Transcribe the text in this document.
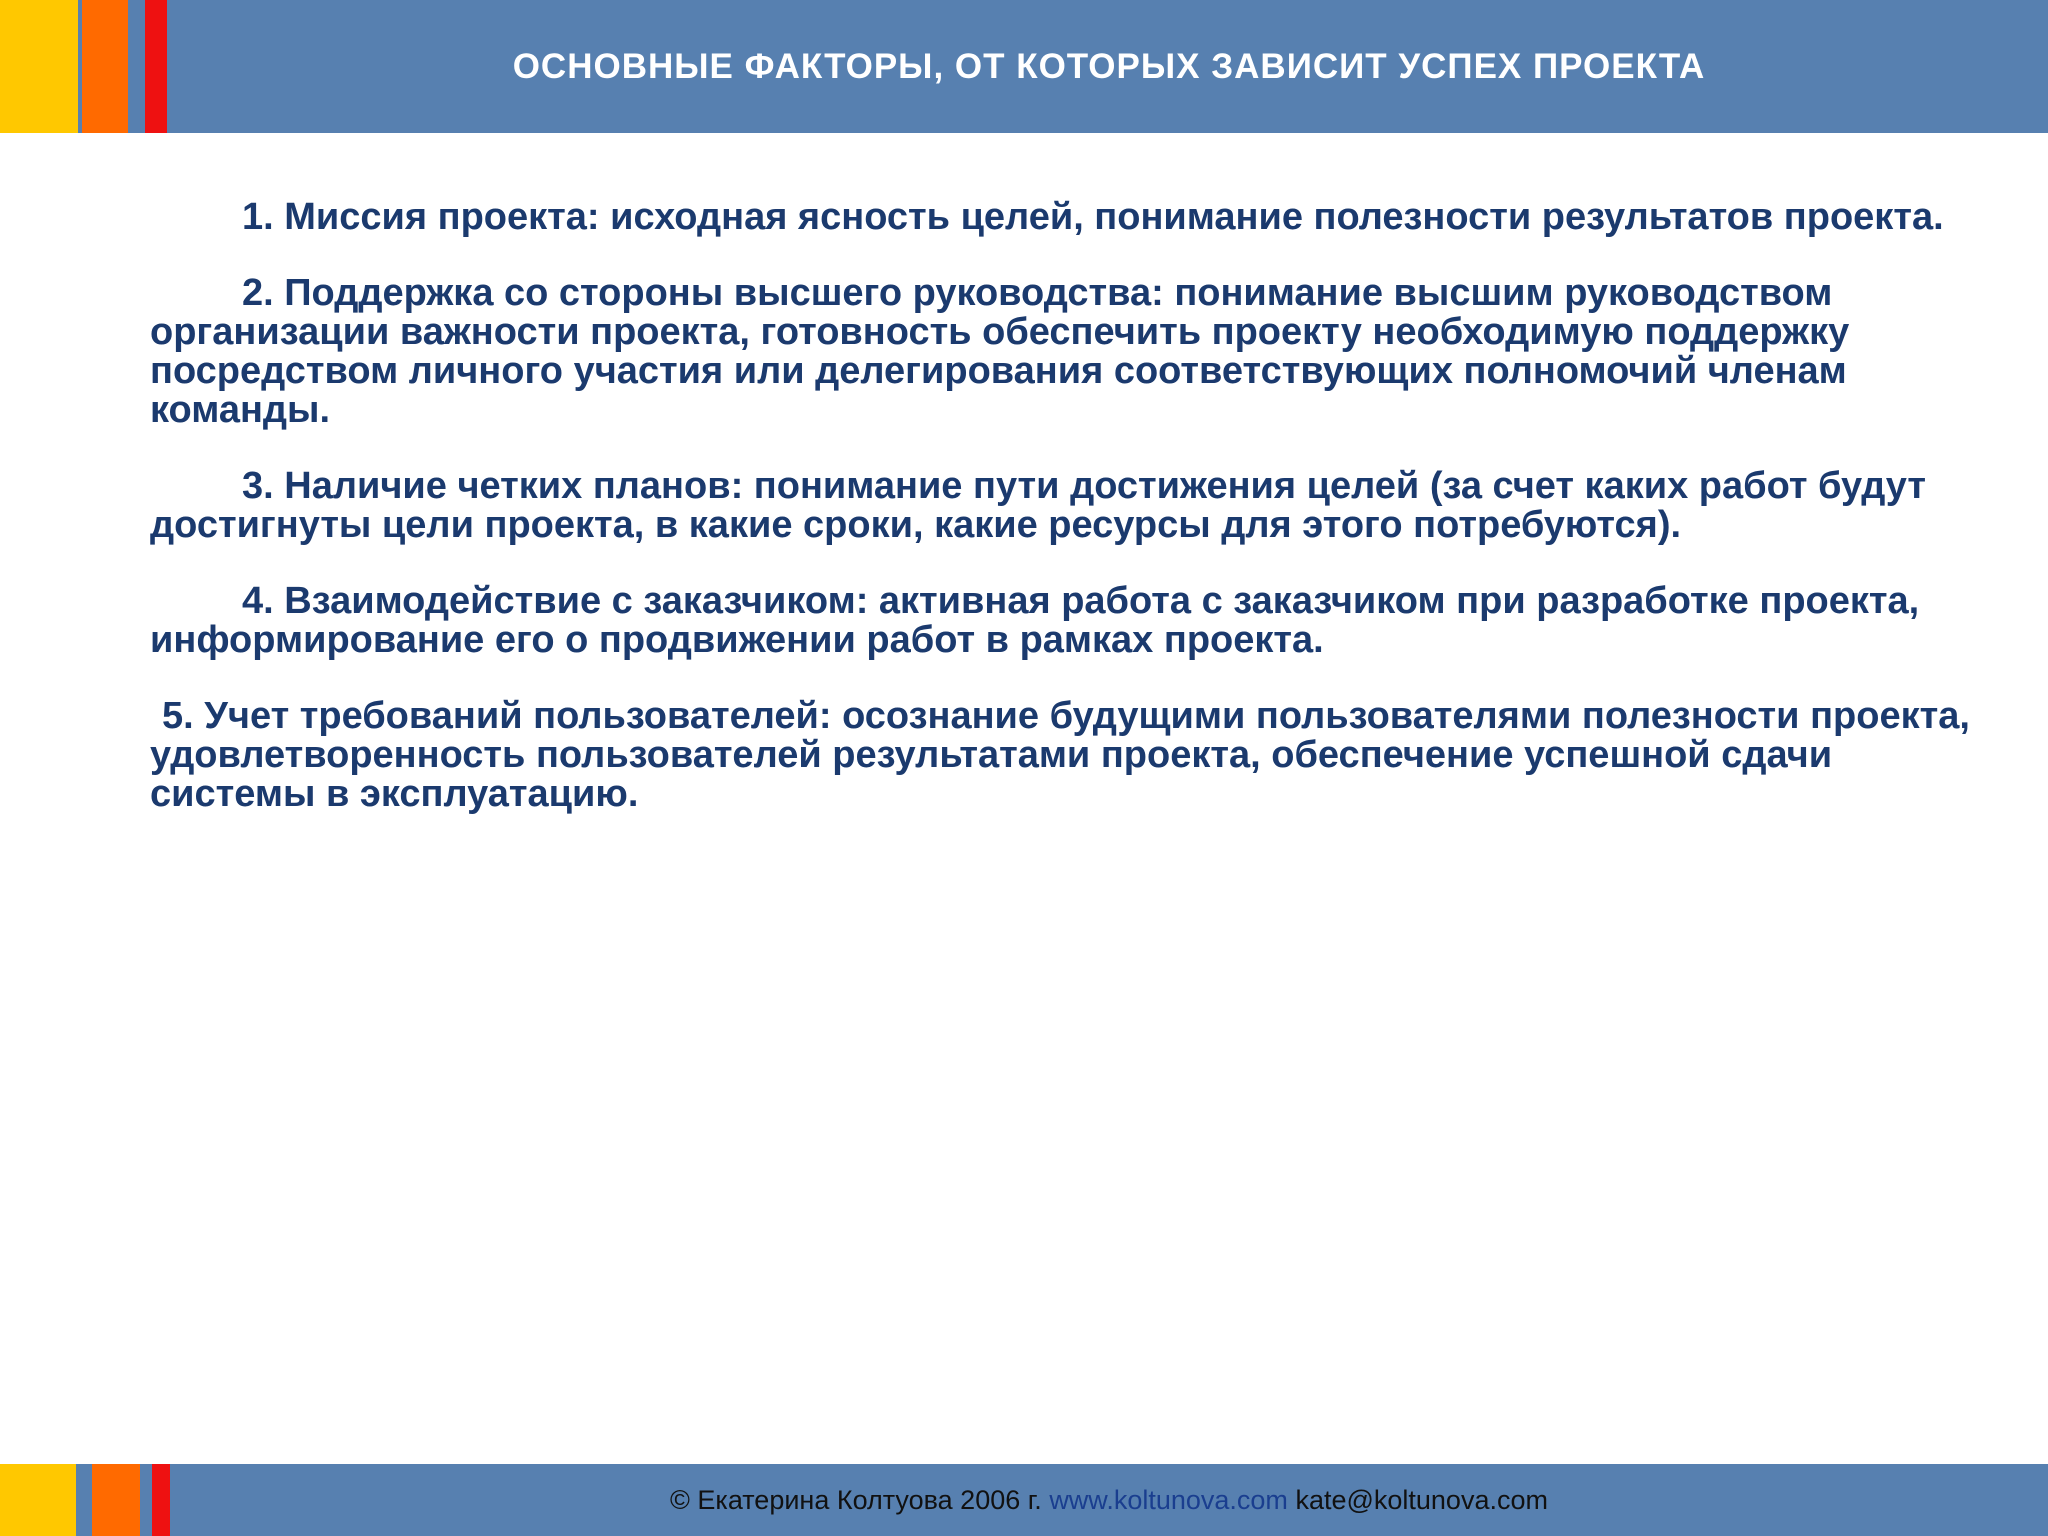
ОСНОВНЫЕ ФАКТОРЫ, ОТ КОТОРЫХ ЗАВИСИТ УСПЕХ ПРОЕКТА

1. Миссия проекта: исходная ясность целей, понимание полезности результатов проекта.

2. Поддержка со стороны высшего руководства: понимание высшим руководством организации важности проекта, готовность обеспечить проекту необходимую поддержку посредством личного участия или делегирования соответствующих полномочий членам команды.

3. Наличие четких планов: понимание пути достижения целей (за счет каких работ будут достигнуты цели проекта, в какие сроки, какие ресурсы для этого потребуются).

4. Взаимодействие с заказчиком: активная работа с заказчиком при разработке проекта, информирование его о продвижении работ в рамках проекта.

5. Учет требований пользователей: осознание будущими пользователями полезности проекта, удовлетворенность пользователей результатами проекта, обеспечение успешной сдачи системы в эксплуатацию.

© Екатерина Колтуова 2006 г. www.koltunova.com kate@koltunova.com
